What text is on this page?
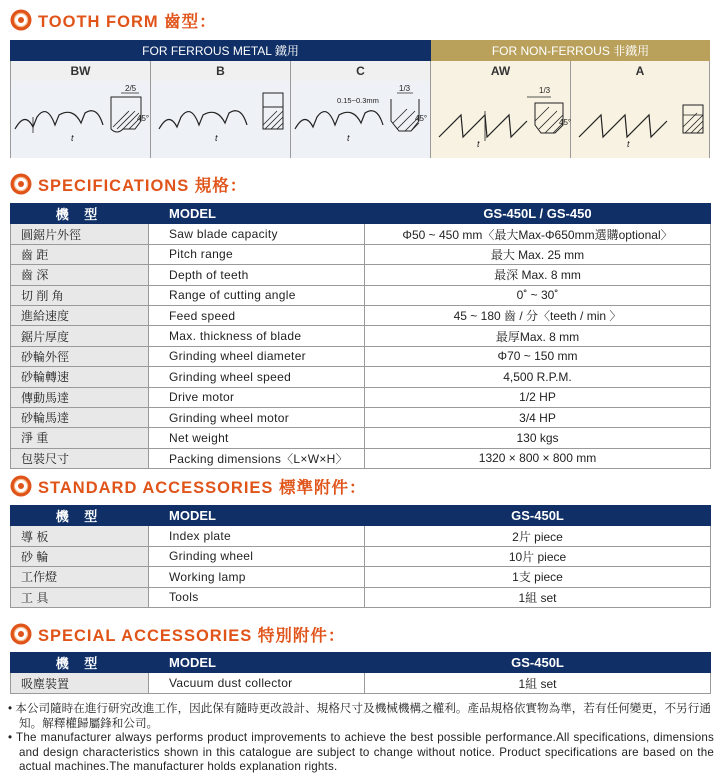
TOOTH FORM 齒型：
FOR FERROUS METAL 鐵用	FOR NON-FERROUS 非鐵用
BW	B	C	AW	A
2/5
45°
t	t
1/3
0.15~0.3mm
45°
t
1/3
45°
t	t
SPECIFICATIONS 規格：
機 型	MODEL	GS-450L / GS-450
圓鋸片外徑	Saw blade capacity	Φ50 ~ 450 mm〈最大Max-Φ650mm選購optional〉
齒 距	Pitch range	最大 Max. 25 mm
齒 深	Depth of teeth	最深 Max. 8 mm
切 削 角	Range of cutting angle	0˚ ~ 30˚
進給速度	Feed speed	45 ~ 180 齒 / 分〈teeth / min 〉
鋸片厚度	Max. thickness of blade	最厚Max. 8 mm
砂輪外徑	Grinding wheel diameter	Φ70 ~ 150 mm
砂輪轉速	Grinding wheel speed	4,500 R.P.M.
傳動馬達	Drive motor	1/2 HP
砂輪馬達	Grinding wheel motor	3/4 HP
淨 重	Net weight	130 kgs
包裝尺寸	Packing dimensions〈L×W×H〉	1320 × 800 × 800 mm
STANDARD ACCESSORIES 標準附件：
機 型	MODEL	GS-450L
導 板	Index plate	2片 piece
砂 輪	Grinding wheel	10片 piece
工作燈	Working lamp	1支 piece
工 具	Tools	1組 set
SPECIAL ACCESSORIES 特別附件：
機 型	MODEL	GS-450L
吸塵裝置	Vacuum dust collector	1組 set

• 本公司隨時在進行研究改進工作，因此保有隨時更改設計、規格尺寸及機械機構之權利。產品規格依實物為準，若有任何變更，不另行通知。解釋權歸屬鋒和公司。

• The manufacturer always performs product improvements to achieve the best possible performance.All specifications, dimensions and design characteristics shown in this catalogue are subject to change without notice. Product specifications are based on the actual machines.The manufacturer holds explanation rights.
